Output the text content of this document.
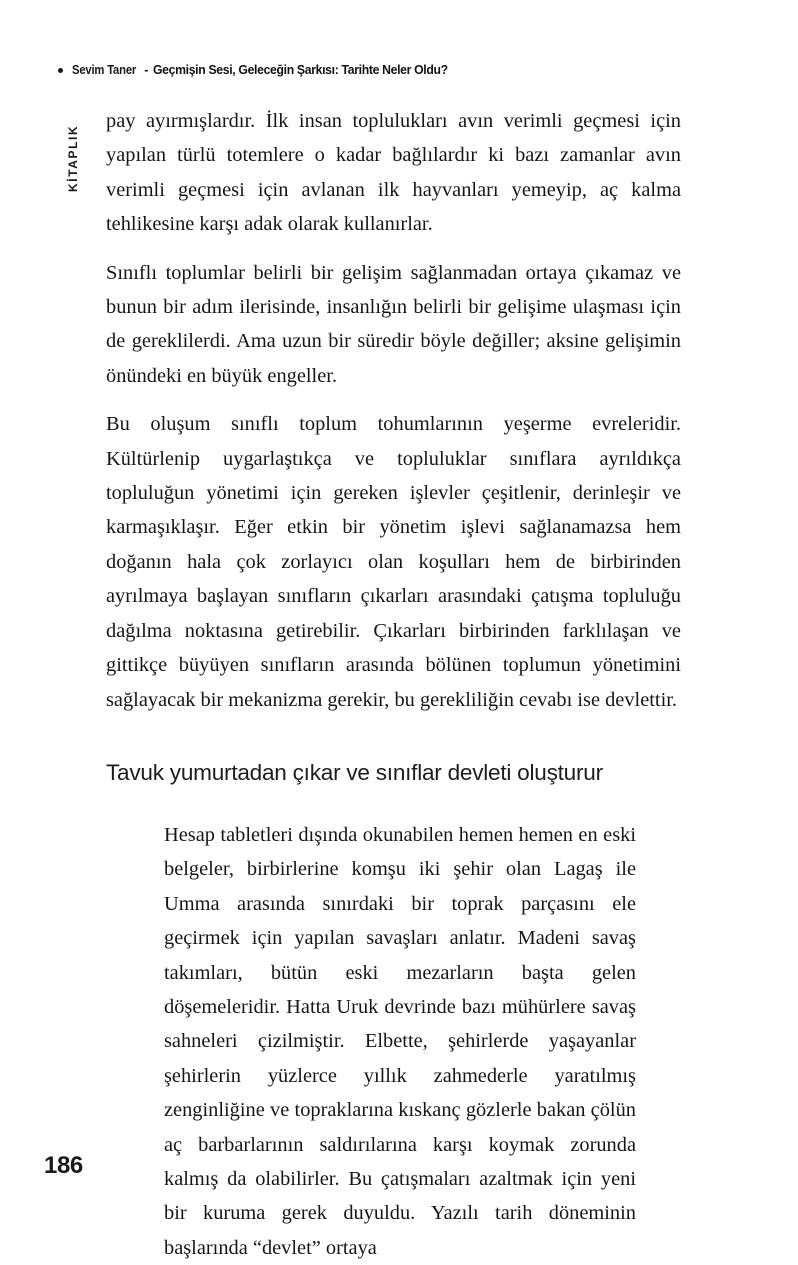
Sevim Taner - Geçmişin Sesi, Geleceğin Şarkısı: Tarihte Neler Oldu?
KİTAPLIK

pay ayırmışlardır. İlk insan toplulukları avın verimli geçmesi için yapılan türlü totemlere o kadar bağlılardır ki bazı zamanlar avın verimli geçmesi için avlanan ilk hayvanları yemeyip, aç kalma tehlikesine karşı adak olarak kullanırlar.

Sınıflı toplumlar belirli bir gelişim sağlanmadan ortaya çıkamaz ve bunun bir adım ilerisinde, insanlığın belirli bir gelişime ulaşması için de gereklilerdi. Ama uzun bir süredir böyle değiller; aksine gelişimin önündeki en büyük engeller.

Bu oluşum sınıflı toplum tohumlarının yeşerme evreleridir. Kültürlenip uygarlaştıkça ve topluluklar sınıflara ayrıldıkça topluluğun yönetimi için gereken işlevler çeşitlenir, derinleşir ve karmaşıklaşır. Eğer etkin bir yönetim işlevi sağlanamazsa hem doğanın hala çok zorlayıcı olan koşulları hem de birbirinden ayrılmaya başlayan sınıfların çıkarları arasındaki çatışma topluluğu dağılma noktasına getirebilir. Çıkarları birbirinden farklılaşan ve gittikçe büyüyen sınıfların arasında bölünen toplumun yönetimini sağlayacak bir mekanizma gerekir, bu gerekliliğin cevabı ise devlettir.

Tavuk yumurtadan çıkar ve sınıflar devleti oluşturur

Hesap tabletleri dışında okunabilen hemen hemen en eski belgeler, birbirlerine komşu iki şehir olan Lagaş ile Umma arasında sınırdaki bir toprak parçasını ele geçirmek için yapılan savaşları anlatır. Madeni savaş takımları, bütün eski mezarların başta gelen döşemeleridir. Hatta Uruk devrinde bazı mühürlere savaş sahneleri çizilmiştir. Elbette, şehirlerde yaşayanlar şehirlerin yüzlerce yıllık zahmederle yaratılmış zenginliğine ve topraklarına kıskanç gözlerle bakan çölün aç barbarlarının saldırılarına karşı koymak zorunda kalmış da olabilirler. Bu çatışmaları azaltmak için yeni bir kuruma gerek duyuldu. Yazılı tarih döneminin başlarında “devlet” ortaya

186
